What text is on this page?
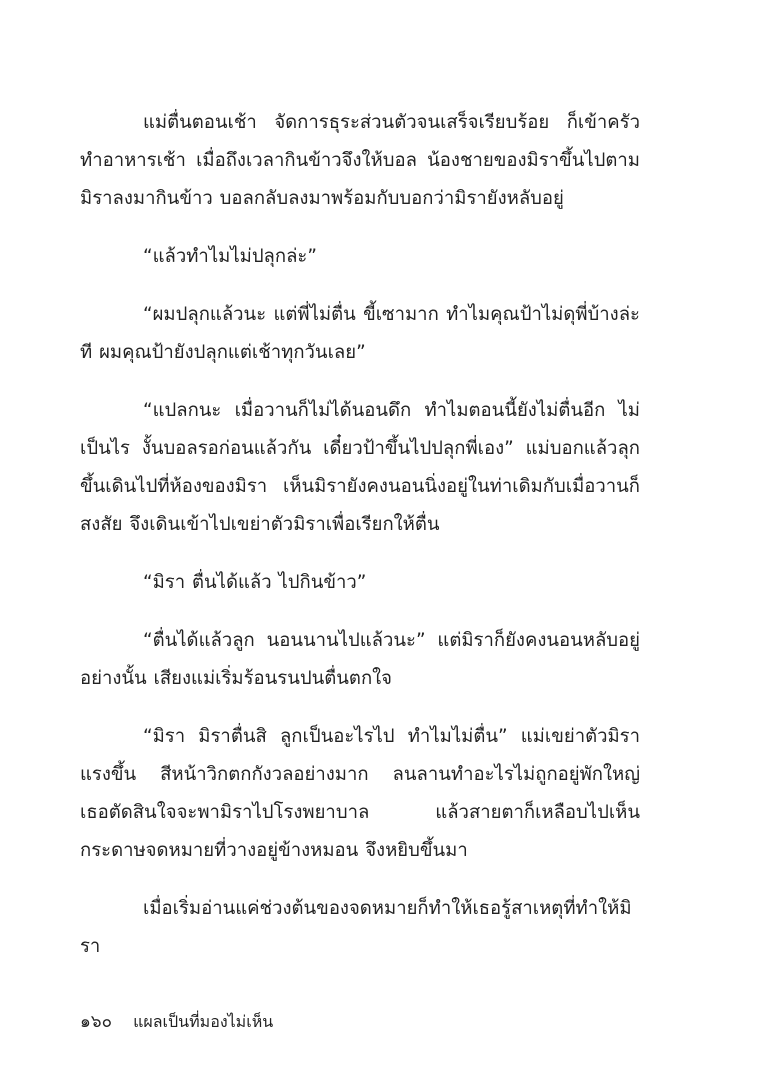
แม่ตื่นตอนเช้า จัดการธุระส่วนตัวจนเสร็จเรียบร้อย ก็เข้าครัวทำอาหารเช้า เมื่อถึงเวลากินข้าวจึงให้บอล น้องชายของมิราขึ้นไปตามมิราลงมากินข้าว บอลกลับลงมาพร้อมกับบอกว่ามิรายังหลับอยู่

“แล้วทำไมไม่ปลุกล่ะ”

“ผมปลุกแล้วนะ แต่พี่ไม่ตื่น ขี้เซามาก ทำไมคุณป้าไม่ดุพี่บ้างล่ะ ที ผมคุณป้ายังปลุกแต่เช้าทุกวันเลย”

“แปลกนะ เมื่อวานก็ไม่ได้นอนดึก ทำไมตอนนี้ยังไม่ตื่นอีก ไม่เป็นไร งั้นบอลรอก่อนแล้วกัน เดี๋ยวป้าขึ้นไปปลุกพี่เอง” แม่บอกแล้วลุกขึ้นเดินไปที่ห้องของมิรา เห็นมิรายังคงนอนนิ่งอยู่ในท่าเดิมกับเมื่อวานก็สงสัย จึงเดินเข้าไปเขย่าตัวมิราเพื่อเรียกให้ตื่น

“มิรา ตื่นได้แล้ว ไปกินข้าว”

“ตื่นได้แล้วลูก นอนนานไปแล้วนะ” แต่มิราก็ยังคงนอนหลับอยู่อย่างนั้น เสียงแม่เริ่มร้อนรนปนตื่นตกใจ

“มิรา มิราตื่นสิ ลูกเป็นอะไรไป ทำไมไม่ตื่น” แม่เขย่าตัวมิราแรงขึ้น สีหน้าวิกตกกังวลอย่างมาก ลนลานทำอะไรไม่ถูกอยู่พักใหญ่ เธอตัดสินใจจะพามิราไปโรงพยาบาล แล้วสายตาก็เหลือบไปเห็นกระดาษจดหมายที่วางอยู่ข้างหมอน จึงหยิบขึ้นมา

เมื่อเริ่มอ่านแค่ช่วงต้นของจดหมายก็ทำให้เธอรู้สาเหตุที่ทำให้มิรา

๑๖๐ แผลเป็นที่มองไม่เห็น
